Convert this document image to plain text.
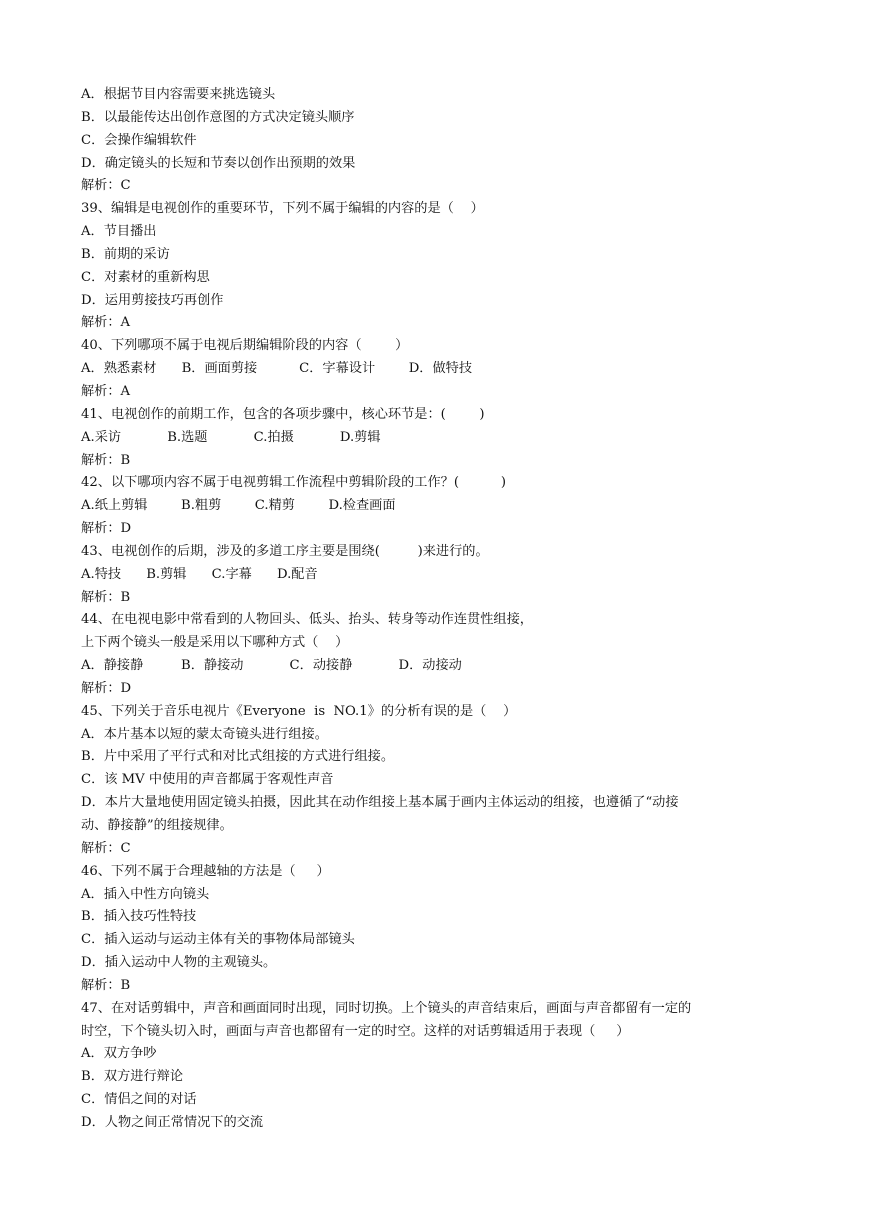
A．根据节目内容需要来挑选镜头
B．以最能传达出创作意图的方式决定镜头顺序
C．会操作编辑软件
D．确定镜头的长短和节奏以创作出预期的效果
解析：C
39、编辑是电视创作的重要环节，下列不属于编辑的内容的是（    ）
A．节目播出
B．前期的采访
C．对素材的重新构思
D．运用剪接技巧再创作
解析：A
40、下列哪项不属于电视后期编辑阶段的内容（        ）
A．熟悉素材      B．画面剪接          C．字幕设计        D．做特技
解析：A
41、电视创作的前期工作，包含的各项步骤中，核心环节是：(        )
A.采访           B.选题           C.拍摄           D.剪辑
解析：B
42、以下哪项内容不属于电视剪辑工作流程中剪辑阶段的工作？(          )
A.纸上剪辑        B.粗剪        C.精剪        D.检查画面
解析：D
43、电视创作的后期，涉及的多道工序主要是围绕(         )来进行的。
A.特技      B.剪辑      C.字幕      D.配音
解析：B
44、在电视电影中常看到的人物回头、低头、抬头、转身等动作连贯性组接，
上下两个镜头一般是采用以下哪种方式（    ）
A．静接静         B．静接动           C．动接静           D．动接动
解析：D
45、下列关于音乐电视片《Everyone  is  NO.1》的分析有误的是（    ）
A．本片基本以短的蒙太奇镜头进行组接。
B．片中采用了平行式和对比式组接的方式进行组接。
C．该 MV 中使用的声音都属于客观性声音
D．本片大量地使用固定镜头拍摄，因此其在动作组接上基本属于画内主体运动的组接，也遵循了“动接
动、静接静”的组接规律。
解析：C
46、下列不属于合理越轴的方法是（     ）
A．插入中性方向镜头
B．插入技巧性特技
C．插入运动与运动主体有关的事物体局部镜头
D．插入运动中人物的主观镜头。
解析：B
47、在对话剪辑中，声音和画面同时出现，同时切换。上个镜头的声音结束后，画面与声音都留有一定的
时空，下个镜头切入时，画面与声音也都留有一定的时空。这样的对话剪辑适用于表现（     ）
A．双方争吵
B．双方进行辩论
C．情侣之间的对话
D．人物之间正常情况下的交流
